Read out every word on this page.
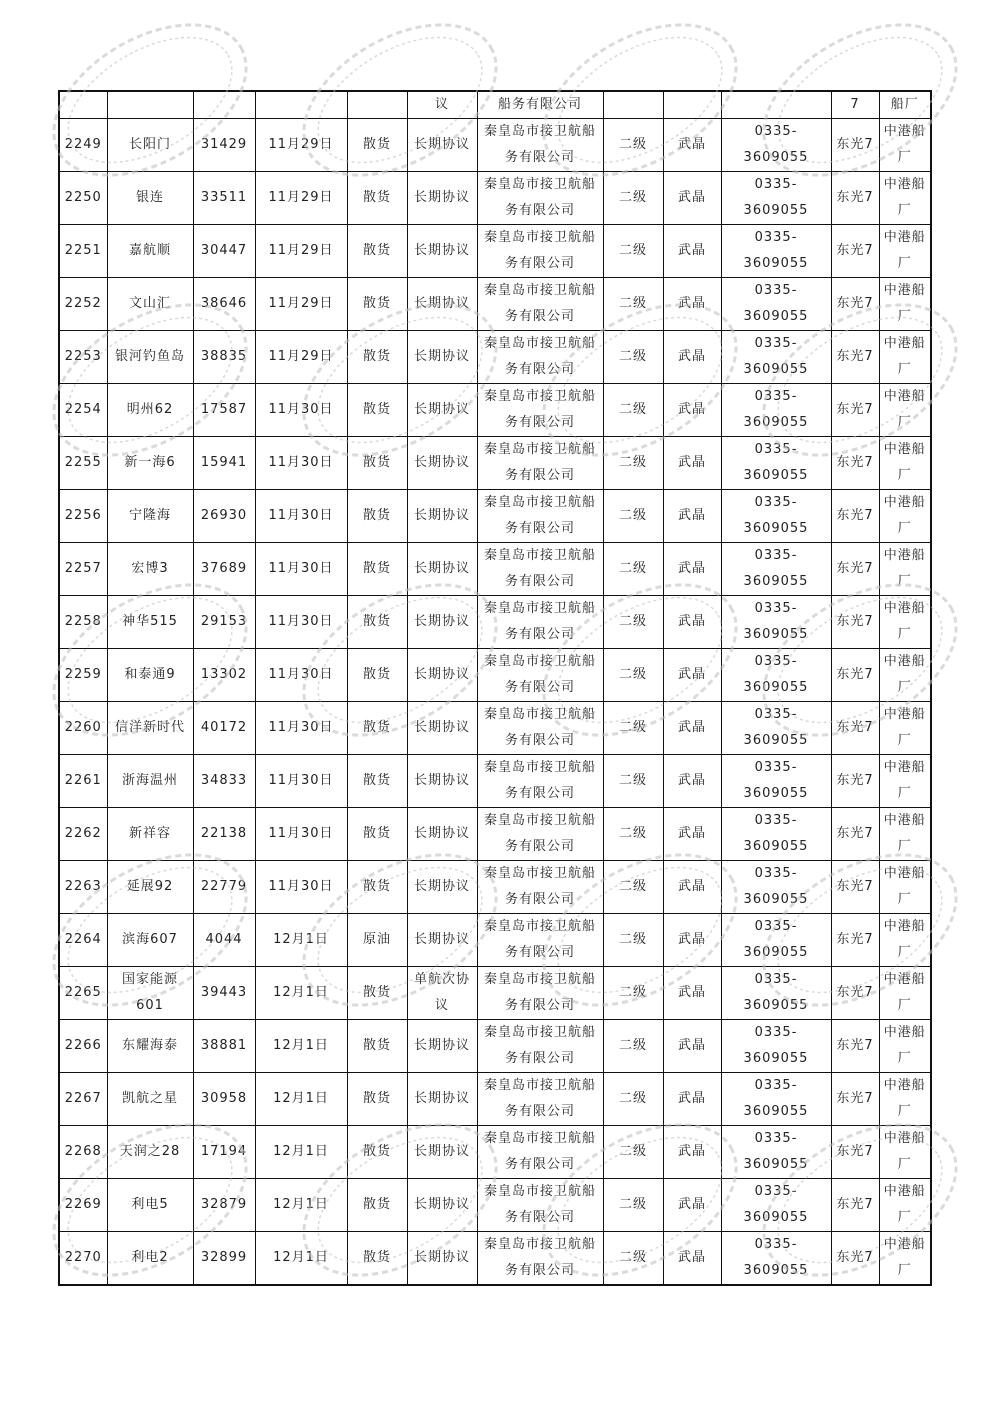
					议	船务有限公司				7	船厂
2249	长阳门	31429	11月29日	散货	长期协议	秦皇岛市接卫航船务有限公司	二级	武晶	0335-3609055	东光7	中港船厂
2250	银连	33511	11月29日	散货	长期协议	秦皇岛市接卫航船务有限公司	二级	武晶	0335-3609055	东光7	中港船厂
2251	嘉航顺	30447	11月29日	散货	长期协议	秦皇岛市接卫航船务有限公司	二级	武晶	0335-3609055	东光7	中港船厂
2252	文山汇	38646	11月29日	散货	长期协议	秦皇岛市接卫航船务有限公司	二级	武晶	0335-3609055	东光7	中港船厂
2253	银河钓鱼岛	38835	11月29日	散货	长期协议	秦皇岛市接卫航船务有限公司	二级	武晶	0335-3609055	东光7	中港船厂
2254	明州62	17587	11月30日	散货	长期协议	秦皇岛市接卫航船务有限公司	二级	武晶	0335-3609055	东光7	中港船厂
2255	新一海6	15941	11月30日	散货	长期协议	秦皇岛市接卫航船务有限公司	二级	武晶	0335-3609055	东光7	中港船厂
2256	宁隆海	26930	11月30日	散货	长期协议	秦皇岛市接卫航船务有限公司	二级	武晶	0335-3609055	东光7	中港船厂
2257	宏博3	37689	11月30日	散货	长期协议	秦皇岛市接卫航船务有限公司	二级	武晶	0335-3609055	东光7	中港船厂
2258	神华515	29153	11月30日	散货	长期协议	秦皇岛市接卫航船务有限公司	二级	武晶	0335-3609055	东光7	中港船厂
2259	和泰通9	13302	11月30日	散货	长期协议	秦皇岛市接卫航船务有限公司	二级	武晶	0335-3609055	东光7	中港船厂
2260	信洋新时代	40172	11月30日	散货	长期协议	秦皇岛市接卫航船务有限公司	二级	武晶	0335-3609055	东光7	中港船厂
2261	浙海温州	34833	11月30日	散货	长期协议	秦皇岛市接卫航船务有限公司	二级	武晶	0335-3609055	东光7	中港船厂
2262	新祥容	22138	11月30日	散货	长期协议	秦皇岛市接卫航船务有限公司	二级	武晶	0335-3609055	东光7	中港船厂
2263	延展92	22779	11月30日	散货	长期协议	秦皇岛市接卫航船务有限公司	二级	武晶	0335-3609055	东光7	中港船厂
2264	滨海607	4044	12月1日	原油	长期协议	秦皇岛市接卫航船务有限公司	二级	武晶	0335-3609055	东光7	中港船厂
2265	国家能源601	39443	12月1日	散货	单航次协议	秦皇岛市接卫航船务有限公司	二级	武晶	0335-3609055	东光7	中港船厂
2266	东耀海泰	38881	12月1日	散货	长期协议	秦皇岛市接卫航船务有限公司	二级	武晶	0335-3609055	东光7	中港船厂
2267	凯航之星	30958	12月1日	散货	长期协议	秦皇岛市接卫航船务有限公司	二级	武晶	0335-3609055	东光7	中港船厂
2268	天润之28	17194	12月1日	散货	长期协议	秦皇岛市接卫航船务有限公司	二级	武晶	0335-3609055	东光7	中港船厂
2269	利电5	32879	12月1日	散货	长期协议	秦皇岛市接卫航船务有限公司	二级	武晶	0335-3609055	东光7	中港船厂
2270	利电2	32899	12月1日	散货	长期协议	秦皇岛市接卫航船务有限公司	二级	武晶	0335-3609055	东光7	中港船厂
